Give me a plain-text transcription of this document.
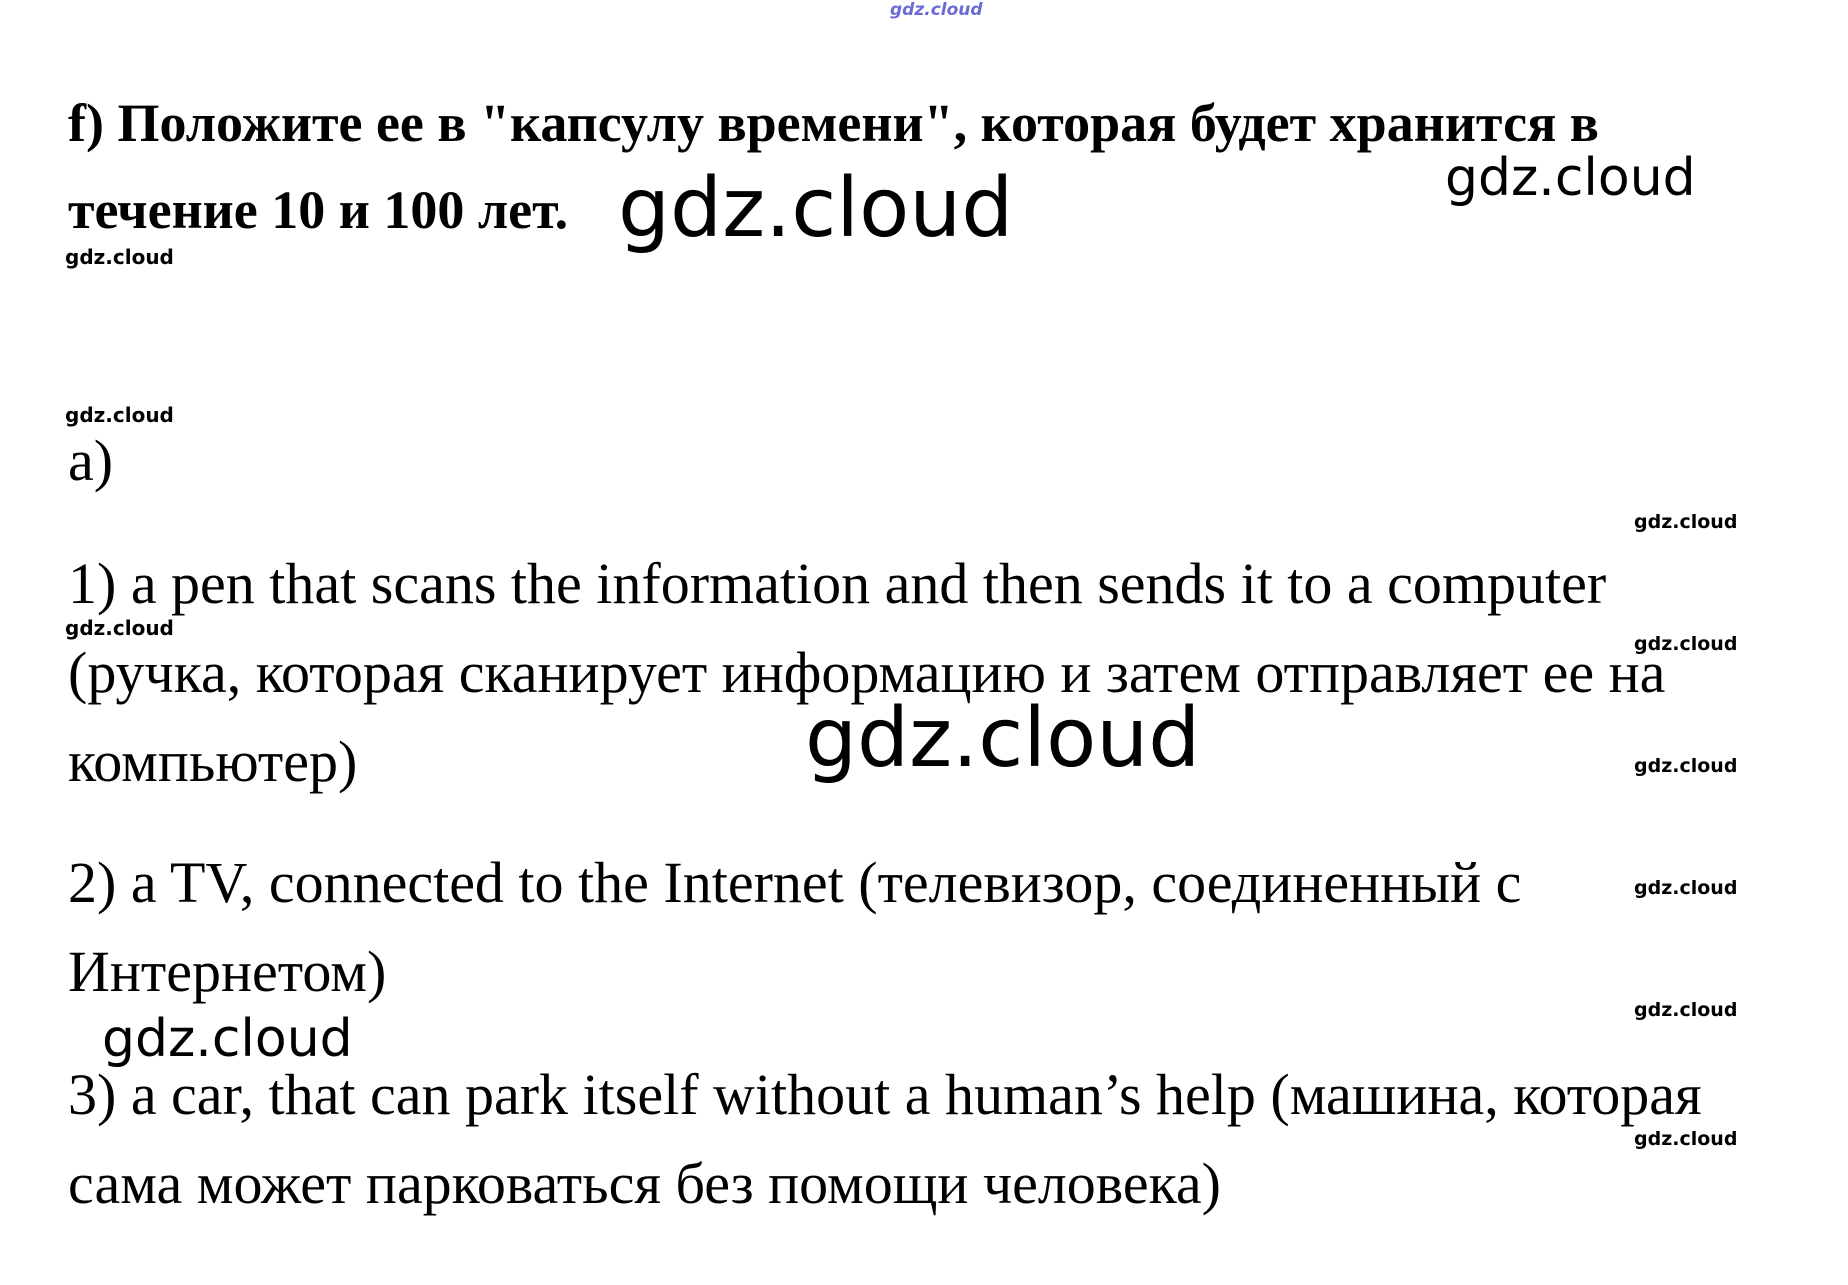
gdz.cloud
f) Положите ее в "капсулу времени", которая будет хранится в
течение 10 и 100 лет. gdz.cloud	gdz.cloud
gdz.cloud
gdz.cloud
a)
gdz.cloud
1) a pen that scans the information and then sends it to a computer
gdz.cloud
gdz.cloud
(ручка, которая сканирует информацию и затем отправляет ее на
gdz.cloud
компьютер)	gdz.cloud
2) a TV, connected to the Internet (телевизор, соединенный с	gdz.cloud
Интернетом)
gdz.cloud
gdz.cloud
3) a car, that can park itself without a human’s help (машина, которая
gdz.cloud
сама может парковаться без помощи человека)
